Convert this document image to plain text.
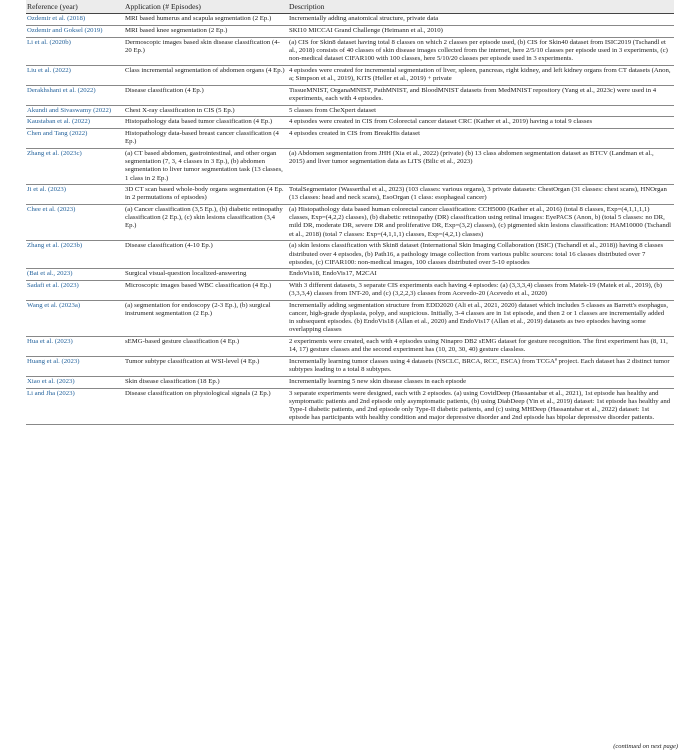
Reference (year)	Application (# Episodes)	Description
Ozdemir et al. (2018)	MRI based humerus and scapula segmentation (2 Ep.)	Incrementally adding anatomical structure, private data
Ozdemir and Goksel (2019)	MRI based knee segmentation (2 Ep.)	SKI10 MICCAI Grand Challenge (Heimann et al., 2010)
Li et al. (2020b)	Dermoscopic images based skin disease classification (4-20 Ep.)	(a) CIS for Skin8 dataset having total 8 classes on which 2 classes per episode used, (b) CIS for Skin40 dataset from ISIC2019 (Tschandl et al., 2018) consists of 40 classes of skin disease images collected from the internet, here 2/5/10 classes per episode used in 3 experiments, (c) non-medical dataset CIFAR100 with 100 classes, here 5/10/20 classes per episode used in 3 experiments.
Liu et al. (2022)	Class incremental segmentation of abdomen organs (4 Ep.)	4 episodes were created for incremental segmentation of liver, spleen, pancreas, right kidney, and left kidney organs from CT datasets (Anon, a; Simpson et al., 2019), KiTS (Heller et al., 2019) + private
Derakhshani et al. (2022)	Disease classification (4 Ep.)	TissueMNIST, OrganaMNIST, PathMNIST, and BloodMNIST datasets from MedMNIST repository (Yang et al., 2023c) were used in 4 experiments, each with 4 episodes.
Akundi and Sivaswamy (2022)	Chest X-ray classification in CIS (5 Ep.)	5 classes from CheXpert dataset
Kaustaban et al. (2022)	Histopathology data based tumor classification (4 Ep.)	4 episodes were created in CIS from Colorectal cancer dataset CRC (Kather et al., 2019) having a total 9 classes
Chen and Tang (2022)	Histopathology data-based breast cancer classification (4 Ep.)	4 episodes created in CIS from BreakHis dataset
Zhang et al. (2023c)	(a) CT based abdomen, gastrointestinal, and other organ segmentation (7, 3, 4 classes in 3 Ep.), (b) abdomen segmentation to liver tumor segmentation task (13 classes, 1 class in 2 Ep.)	(a) Abdomen segmentation from JHH (Xia et al., 2022) (private) (b) 13 class abdomen segmentation dataset as BTCV (Landman et al., 2015) and liver tumor segmentation data as LiTS (Bilic et al., 2023)
Ji et al. (2023)	3D CT scan based whole-body organs segmentation (4 Ep. in 2 permutations of episodes)	TotalSegmentator (Wasserthal et al., 2023) (103 classes: various organs), 3 private datasets: ChestOrgan (31 classes: chest scans), HNOrgan (13 classes: head and neck scans), EsoOrgan (1 class: esophageal cancer)
Chee et al. (2023)	(a) Cancer classification (3,5 Ep.), (b) diabetic retinopathy classification (2 Ep.), (c) skin lesions classification (3,4 Ep.)	(a) Histopathology data based human colorectal cancer classification: CCH5000 (Kather et al., 2016) (total 8 classes, Exp=(4,1,1,1,1) classes, Exp=(4,2,2) classes), (b) diabetic retinopathy (DR) classification using retinal images: EyePACS (Anon, b) (total 5 classes: no DR, mild DR, moderate DR, severe DR and proliferative DR, Exp=(3,2) classes), (c) pigmented skin lesions classification: HAM10000 (Tschandl et al., 2018) (total 7 classes: Exp=(4,1,1,1) classes, Exp=(4,2,1) classes)
Zhang et al. (2023b)	Disease classification (4-10 Ep.)	(a) skin lesions classification with Skin8 dataset (International Skin Imaging Collaboration (ISIC) (Tschandl et al., 2018)) having 8 classes distributed over 4 episodes, (b) Path16, a pathology image collection from various public sources: total 16 classes distributed over 7 episodes, (c) CIFAR100: non-medical images, 100 classes distributed over 5-10 episodes
(Bai et al., 2023)	Surgical visual-question localized-answering	EndoVis18, EndoVis17, M2CAI
Sadafi et al. (2023)	Microscopic images based WBC classification (4 Ep.)	With 3 different datasets, 3 separate CIS experiments each having 4 episodes: (a) (3,3,3,4) classes from Matek-19 (Matek et al., 2019), (b) (3,3,3,4) classes from INT-20, and (c) (3,2,2,3) classes from Acevedo-20 (Acevedo et al., 2020)
Wang et al. (2023a)	(a) segmentation for endoscopy (2-3 Ep.), (b) surgical instrument segmentation (2 Ep.)	Incrementally adding segmentation structure from EDD2020 (Ali et al., 2021, 2020) dataset which includes 5 classes as Barrett's esophagus, cancer, high-grade dysplasia, polyp, and suspicious. Initially, 3-4 classes are in 1st episode, and then 2 or 1 classes are incrementally added in subsequent episodes. (b) EndoVis18 (Allan et al., 2020) and EndoVis17 (Allan et al., 2019) datasets as two episodes having some overlapping classes
Hua et al. (2023)	sEMG-based gesture classification (4 Ep.)	2 experiments were created, each with 4 episodes using Ninapro DB2 sEMG dataset for gesture recognition. The first experiment has (8, 11, 14, 17) gesture classes and the second experiment has (10, 20, 30, 40) gesture classless.
Huang et al. (2023)	Tumor subtype classification at WSI-level (4 Ep.)	Incrementally learning tumor classes using 4 datasets (NSCLC, BRCA, RCC, ESCA) from TCGAª project. Each dataset has 2 distinct tumor subtypes leading to a total 8 subtypes.
Xiao et al. (2023)	Skin disease classification (18 Ep.)	Incrementally learning 5 new skin disease classes in each episode
Li and Jha (2023)	Disease classification on physiological signals (2 Ep.)	3 separate experiments were designed, each with 2 episodes. (a) using CovidDeep (Hassantabar et al., 2021), 1st episode has healthy and symptomatic patients and 2nd episode only asymptomatic patients, (b) using DiabDeep (Yin et al., 2019) dataset: 1st episode has healthy and Type-I diabetic patients, and 2nd episode only Type-II diabetic patients, and (c) using MHDeep (Hassantabar et al., 2022) dataset: 1st episode has participants with healthy condition and major depressive disorder and 2nd episode has bipolar depressive disorder patients.
(continued on next page)
